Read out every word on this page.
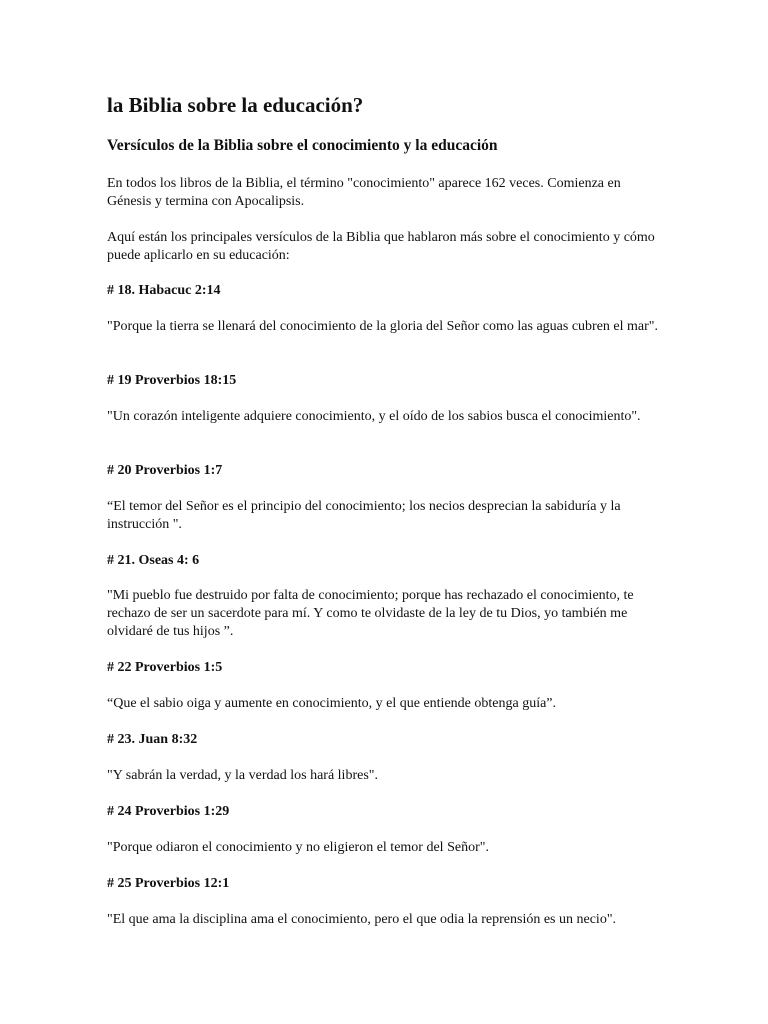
la Biblia sobre la educación?
Versículos de la Biblia sobre el conocimiento y la educación

En todos los libros de la Biblia, el término "conocimiento" aparece 162 veces. Comienza en Génesis y termina con Apocalipsis.

Aquí están los principales versículos de la Biblia que hablaron más sobre el conocimiento y cómo puede aplicarlo en su educación:

# 18. Habacuc 2:14

"Porque la tierra se llenará del conocimiento de la gloria del Señor como las aguas cubren el mar".

# 19 Proverbios 18:15

"Un corazón inteligente adquiere conocimiento, y el oído de los sabios busca el conocimiento".

# 20 Proverbios 1:7

“El temor del Señor es el principio del conocimiento; los necios desprecian la sabiduría y la instrucción ".

# 21. Oseas 4: 6

"Mi pueblo fue destruido por falta de conocimiento; porque has rechazado el conocimiento, te rechazo de ser un sacerdote para mí. Y como te olvidaste de la ley de tu Dios, yo también me olvidaré de tus hijos ”.

# 22 Proverbios 1:5

“Que el sabio oiga y aumente en conocimiento, y el que entiende obtenga guía”.

# 23. Juan 8:32

"Y sabrán la verdad, y la verdad los hará libres".

# 24 Proverbios 1:29

"Porque odiaron el conocimiento y no eligieron el temor del Señor".

# 25 Proverbios 12:1

"El que ama la disciplina ama el conocimiento, pero el que odia la reprensión es un necio".
